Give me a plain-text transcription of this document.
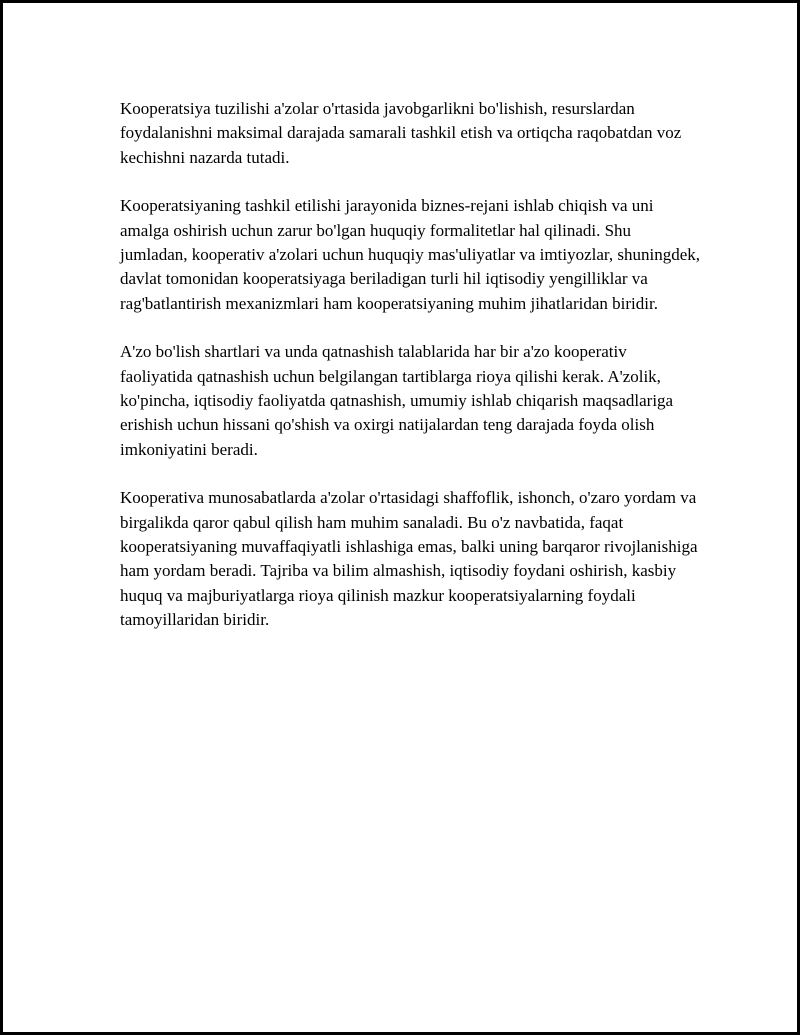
Kooperatsiya tuzilishi a'zolar o'rtasida javobgarlikni bo'lishish, resurslardan foydalanishni maksimal darajada samarali tashkil etish va ortiqcha raqobatdan voz kechishni nazarda tutadi.

Kooperatsiyaning tashkil etilishi jarayonida biznes-rejani ishlab chiqish va uni amalga oshirish uchun zarur bo'lgan huquqiy formalitetlar hal qilinadi. Shu jumladan, kooperativ a'zolari uchun huquqiy mas'uliyatlar va imtiyozlar, shuningdek, davlat tomonidan kooperatsiyaga beriladigan turli hil iqtisodiy yengilliklar va rag'batlantirish mexanizmlari ham kooperatsiyaning muhim jihatlaridan biridir.

A'zo bo'lish shartlari va unda qatnashish talablarida har bir a'zo kooperativ faoliyatida qatnashish uchun belgilangan tartiblarga rioya qilishi kerak. A'zolik, ko'pincha, iqtisodiy faoliyatda qatnashish, umumiy ishlab chiqarish maqsadlariga erishish uchun hissani qo'shish va oxirgi natijalardan teng darajada foyda olish imkoniyatini beradi.

Kooperativa munosabatlarda a'zolar o'rtasidagi shaffoflik, ishonch, o'zaro yordam va birgalikda qaror qabul qilish ham muhim sanaladi. Bu o'z navbatida, faqat kooperatsiyaning muvaffaqiyatli ishlashiga emas, balki uning barqaror rivojlanishiga ham yordam beradi. Tajriba va bilim almashish, iqtisodiy foydani oshirish, kasbiy huquq va majburiyatlarga rioya qilinish mazkur kooperatsiyalarning foydali tamoyillaridan biridir.
